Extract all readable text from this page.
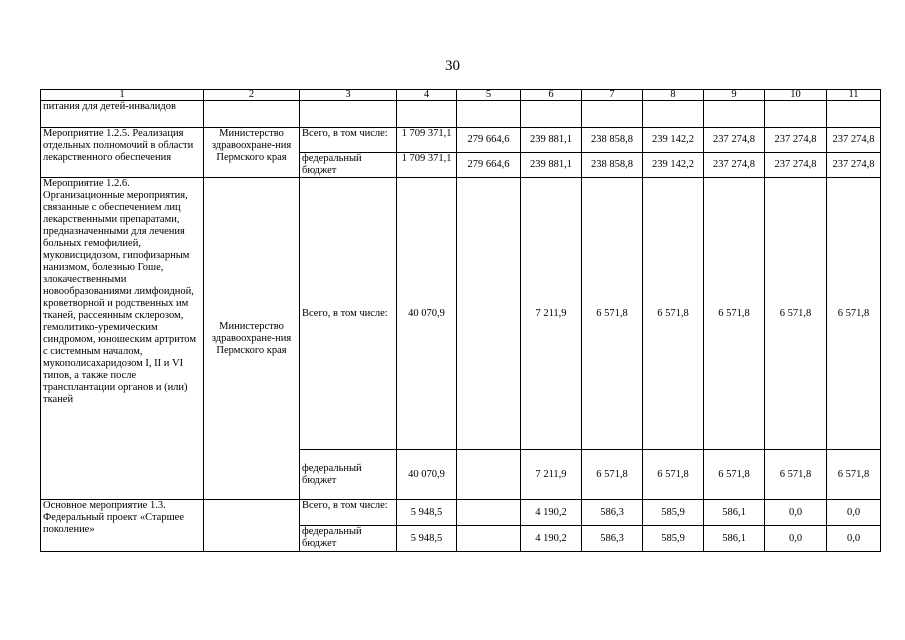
30
1	2	3	4	5	6	7	8	9	10	11
питания для детей-инвалидов										
Мероприятие 1.2.5. Реализация отдельных полномочий в области лекарственного обеспечения	Министерство здравоохране-ния Пермского края	Всего, в том числе:	1 709 371,1	279 664,6	239 881,1	238 858,8	239 142,2	237 274,8	237 274,8	237 274,8
		федеральный бюджет	1 709 371,1	279 664,6	239 881,1	238 858,8	239 142,2	237 274,8	237 274,8	237 274,8
Мероприятие 1.2.6. Организационные мероприятия, связанные с обеспечением лиц лекарственными препаратами, предназначенными для лечения больных гемофилией, муковисцидозом, гипофизарным нанизмом, болезнью Гоше, злокачественными новообразованиями лимфоидной, кроветворной и родственных им тканей, рассеянным склерозом, гемолитико-уремическим синдромом, юношеским артритом с системным началом, мукополисахаридозом I, II и VI типов, а также после трансплантации органов и (или) тканей	Министерство здравоохране-ния Пермского края	Всего, в том числе:	40 070,9		7 211,9	6 571,8	6 571,8	6 571,8	6 571,8	6 571,8
		федеральный бюджет	40 070,9		7 211,9	6 571,8	6 571,8	6 571,8	6 571,8	6 571,8
Основное мероприятие 1.3. Федеральный проект «Старшее поколение»		Всего, в том числе:	5 948,5		4 190,2	586,3	585,9	586,1	0,0	0,0
		федеральный бюджет	5 948,5		4 190,2	586,3	585,9	586,1	0,0	0,0
